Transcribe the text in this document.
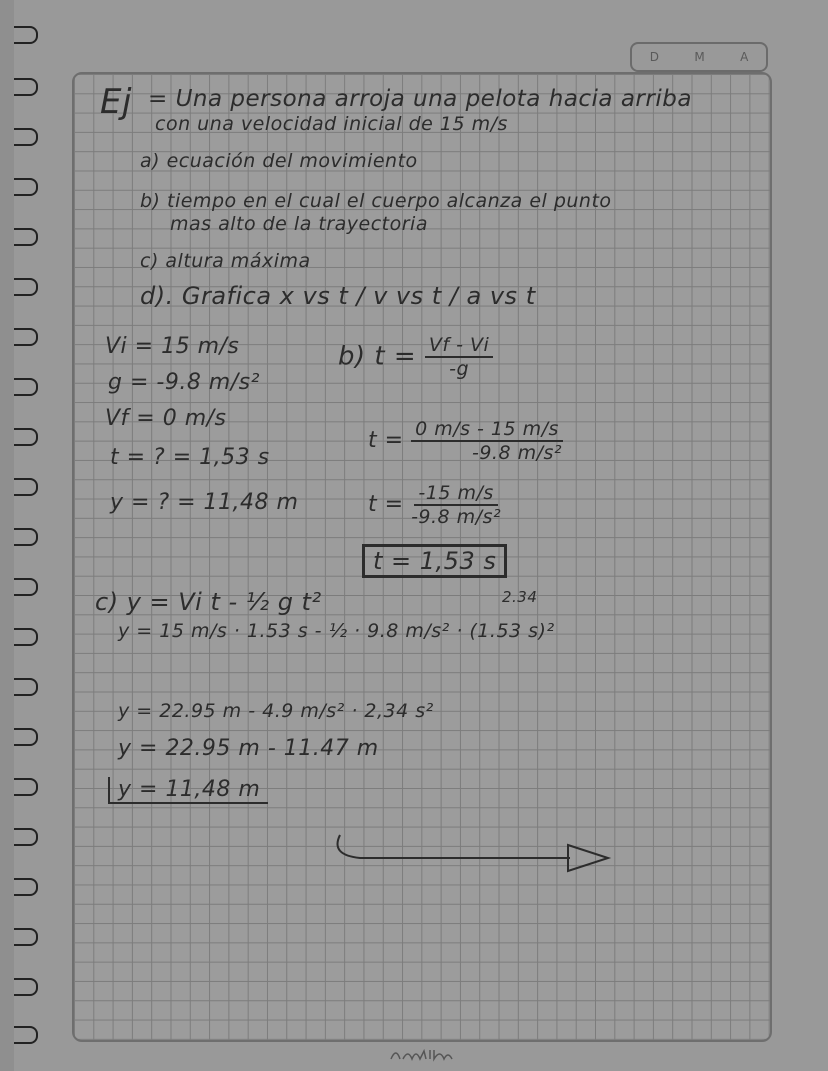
D	M	A
Ej = Una persona arroja una pelota hacia arriba
con una velocidad inicial de 15 m/s
a) ecuación del movimiento
b) tiempo en el cual el cuerpo alcanza el punto
mas alto de la trayectoria
c) altura máxima
d). Grafica x vs t / v vs t / a vs t
Vi = 15 m/s
g = -9.8 m/s²
Vf = 0 m/s
t = ? = 1,53 s
y = ? = 11,48 m
b) $t = \frac{Vf - Vi}{-g}$
$t = \frac{0 m/s - 15 m/s}{\text{-9.8 m/s²}}$
$t = \frac{-15 m/s}{\text{-9.8 m/s²}}$
t = 1,53 s
c) y = Vi t - ½ g t²	2.34
y = 15 m/s · 1.53 s - ½ · 9.8 m/s² · (1.53 s)²
y = 22.95 m - 4.9 m/s² · 2,34 s²
y = 22.95 m - 11.47 m
y = 11,48 m
